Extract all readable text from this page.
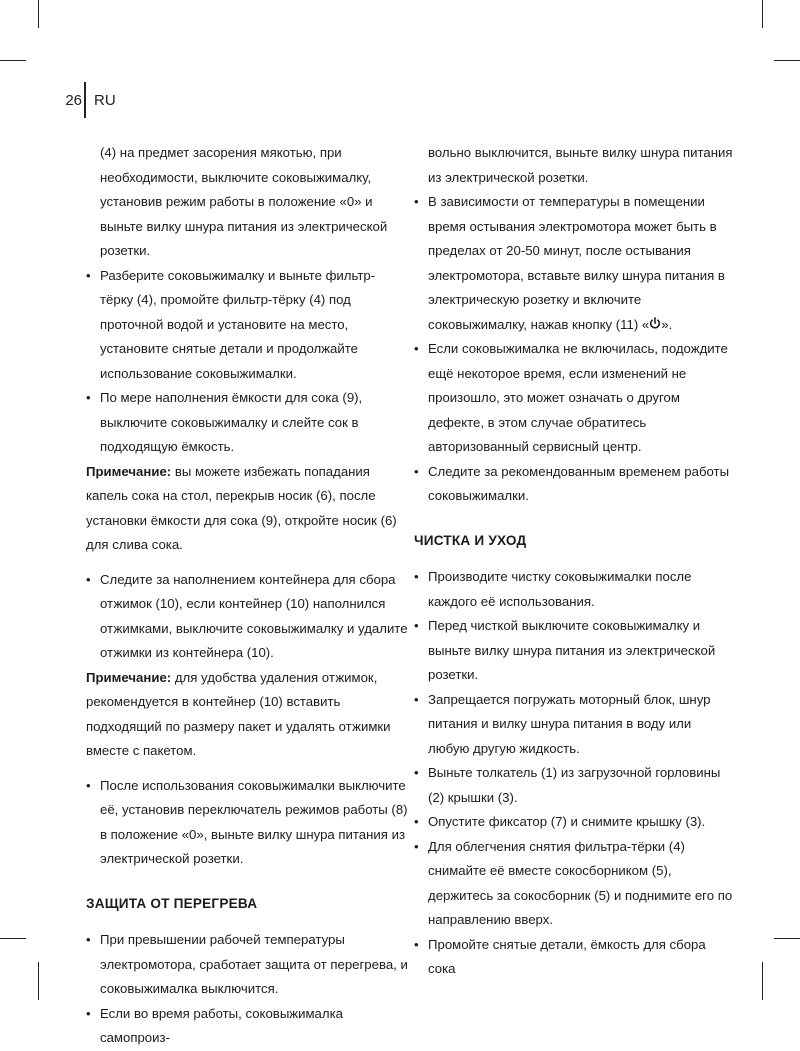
26 RU
(4) на предмет засорения мякотью, при необходимости, выключите соковыжималку, установив режим работы в положение «0» и выньте вилку шнура питания из электрической розетки.
• Разберите соковыжималку и выньте фильтр-тёрку (4), промойте фильтр-тёрку (4) под проточной водой и установите на место, установите снятые детали и продолжайте использование соковыжималки.
• По мере наполнения ёмкости для сока (9), выключите соковыжималку и слейте сок в подходящую ёмкость.
Примечание: вы можете избежать попадания капель сока на стол, перекрыв носик (6), после установки ёмкости для сока (9), откройте носик (6) для слива сока.
• Следите за наполнением контейнера для сбора отжимок (10), если контейнер (10) наполнился отжимками, выключите соковыжималку и удалите отжимки из контейнера (10).
Примечание: для удобства удаления отжимок, рекомендуется в контейнер (10) вставить подходящий по размеру пакет и удалять отжимки вместе с пакетом.
• После использования соковыжималки выключите её, установив переключатель режимов работы (8) в положение «0», выньте вилку шнура питания из электрической розетки.
ЗАЩИТА ОТ ПЕРЕГРЕВА
• При превышении рабочей температуры электромотора, сработает защита от перегрева, и соковыжималка выключится.
• Если во время работы, соковыжималка самопроиз-
вольно выключится, выньте вилку шнура питания из электрической розетки.
• В зависимости от температуры в помещении время остывания электромотора может быть в пределах от 20-50 минут, после остывания электромотора, вставьте вилку шнура питания в электрическую розетку и включите соковыжималку, нажав кнопку (11) « ».
• Если соковыжималка не включилась, подождите ещё некоторое время, если изменений не произошло, это может означать о другом дефекте, в этом случае обратитесь авторизованный сервисный центр.
• Следите за рекомендованным временем работы соковыжималки.
ЧИСТКА И УХОД
• Производите чистку соковыжималки после каждого её использования.
• Перед чисткой выключите соковыжималку и выньте вилку шнура питания из электрической розетки.
• Запрещается погружать моторный блок, шнур питания и вилку шнура питания в воду или любую другую жидкость.
• Выньте толкатель (1) из загрузочной горловины (2) крышки (3).
• Опустите фиксатор (7) и снимите крышку (3).
• Для облегчения снятия фильтра-тёрки (4) снимайте её вместе сокосборником (5), держитесь за сокосборник (5) и поднимите его по направлению вверх.
• Промойте снятые детали, ёмкость для сбора сока
